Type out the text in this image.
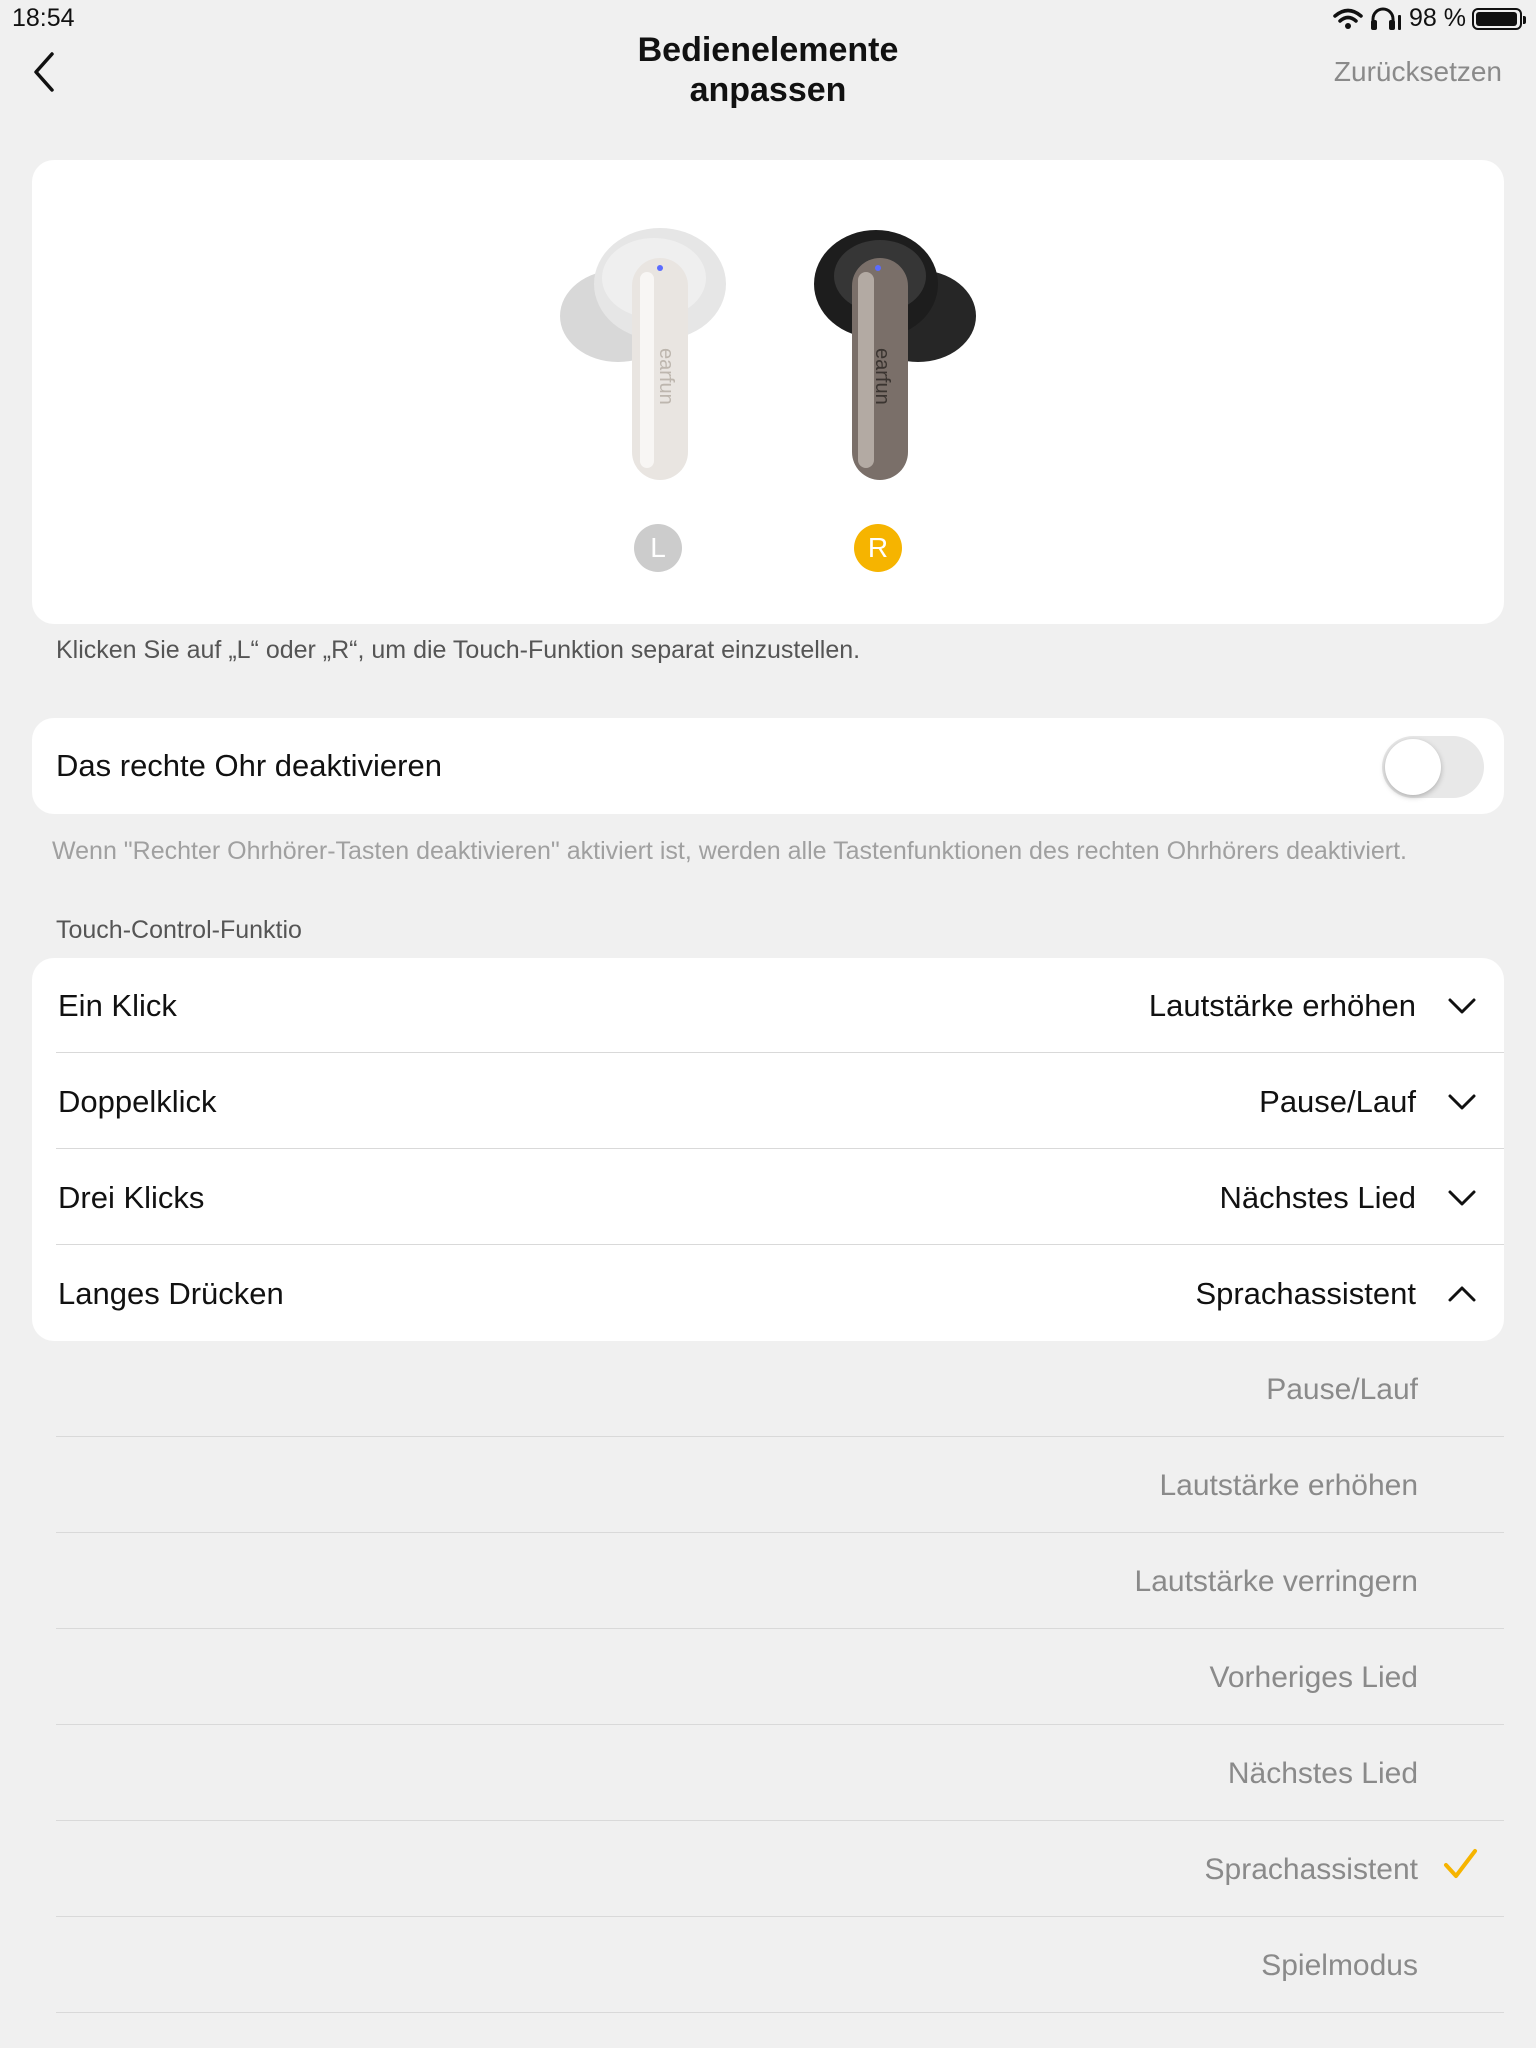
18:54	98 %
Bedienelemente
anpassen	Zurücksetzen
earfun	earfun
L	R
Klicken Sie auf „L“ oder „R“, um die Touch-Funktion separat einzustellen.
Das rechte Ohr deaktivieren
Wenn "Rechter Ohrhörer-Tasten deaktivieren" aktiviert ist, werden alle Tastenfunktionen des rechten Ohrhörers deaktiviert.
Touch-Control-Funktio
Ein Klick	Lautstärke erhöhen
Doppelklick	Pause/Lauf
Drei Klicks	Nächstes Lied
Langes Drücken	Sprachassistent
Pause/Lauf
Lautstärke erhöhen
Lautstärke verringern
Vorheriges Lied
Nächstes Lied
Sprachassistent
Spielmodus
